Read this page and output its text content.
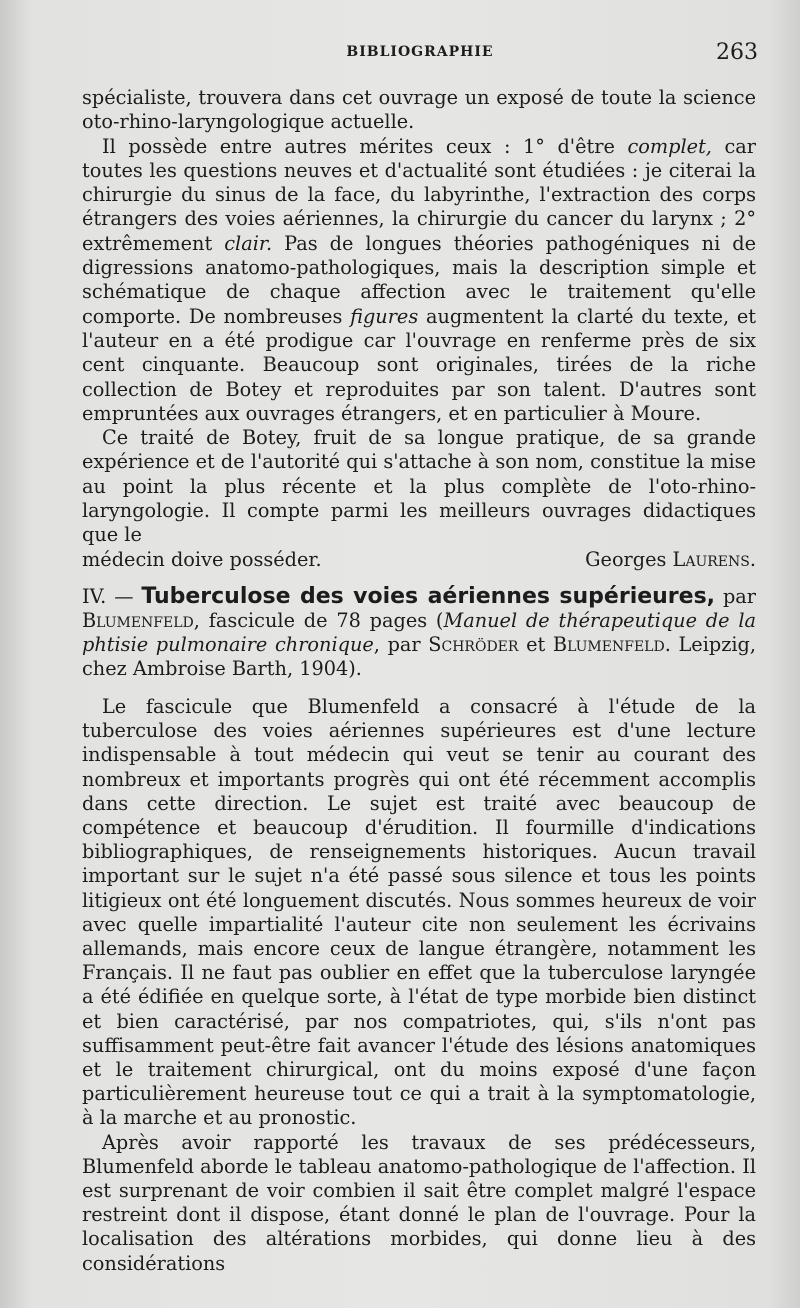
BIBLIOGRAPHIE	263

spécialiste, trouvera dans cet ouvrage un exposé de toute la science oto-rhino-laryngologique actuelle.

Il possède entre autres mérites ceux : 1° d'être complet, car toutes les questions neuves et d'actualité sont étudiées : je citerai la chirurgie du sinus de la face, du labyrinthe, l'extraction des corps étrangers des voies aériennes, la chirurgie du cancer du larynx ; 2° extrêmement clair. Pas de longues théories pathogéniques ni de digressions anatomo-pathologiques, mais la description simple et schématique de chaque affection avec le traitement qu'elle comporte. De nombreuses figures augmentent la clarté du texte, et l'auteur en a été prodigue car l'ouvrage en renferme près de six cent cinquante. Beaucoup sont originales, tirées de la riche collection de Botey et reproduites par son talent. D'autres sont empruntées aux ouvrages étrangers, et en particulier à Moure.

Ce traité de Botey, fruit de sa longue pratique, de sa grande expérience et de l'autorité qui s'attache à son nom, constitue la mise au point la plus récente et la plus complète de l'oto-rhino-laryngologie. Il compte parmi les meilleurs ouvrages didactiques que le

médecin doive posséder.	Georges Laurens.

IV. — Tuberculose des voies aériennes supérieures, par Blumenfeld, fascicule de 78 pages (Manuel de thérapeutique de la phtisie pulmonaire chronique, par Schröder et Blumenfeld. Leipzig, chez Ambroise Barth, 1904).

Le fascicule que Blumenfeld a consacré à l'étude de la tuberculose des voies aériennes supérieures est d'une lecture indispensable à tout médecin qui veut se tenir au courant des nombreux et importants progrès qui ont été récemment accomplis dans cette direction. Le sujet est traité avec beaucoup de compétence et beaucoup d'érudition. Il fourmille d'indications bibliographiques, de renseignements historiques. Aucun travail important sur le sujet n'a été passé sous silence et tous les points litigieux ont été longuement discutés. Nous sommes heureux de voir avec quelle impartialité l'auteur cite non seulement les écrivains allemands, mais encore ceux de langue étrangère, notamment les Français. Il ne faut pas oublier en effet que la tuberculose laryngée a été édifiée en quelque sorte, à l'état de type morbide bien distinct et bien caractérisé, par nos compatriotes, qui, s'ils n'ont pas suffisamment peut-être fait avancer l'étude des lésions anatomiques et le traitement chirurgical, ont du moins exposé d'une façon particulièrement heureuse tout ce qui a trait à la symptomatologie, à la marche et au pronostic.

Après avoir rapporté les travaux de ses prédécesseurs, Blumenfeld aborde le tableau anatomo-pathologique de l'affection. Il est surprenant de voir combien il sait être complet malgré l'espace restreint dont il dispose, étant donné le plan de l'ouvrage. Pour la localisation des altérations morbides, qui donne lieu à des considérations
